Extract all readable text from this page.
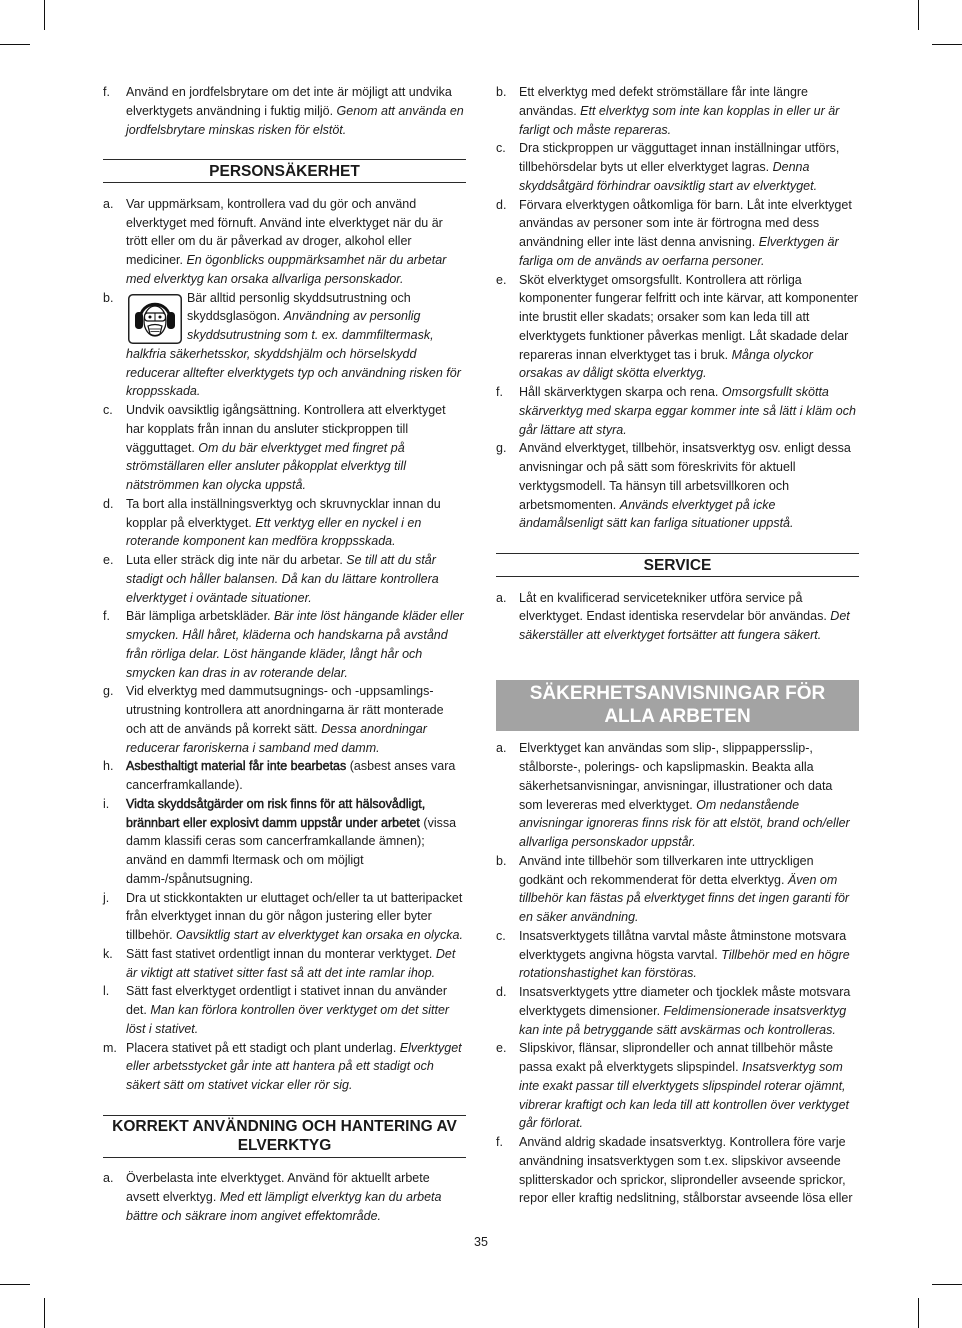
f.	Använd en jordfelsbrytare om det inte är möjligt att undvika elverktygets användning i fuktig miljö. Genom att använda en jordfelsbrytare minskas risken för elstöt.
PERSONSÄKERHET
a.	Var uppmärksam, kontrollera vad du gör och använd elverktyget med förnuft. Använd inte elverktyget när du är trött eller om du är påverkad av droger, alkohol eller mediciner. En ögonblicks ouppmärksamhet när du arbetar med elverktyg kan orsaka allvarliga personskador.
b.	Bär alltid personlig skyddsutrustning och skyddsglasögon. Användning av personlig skyddsutrustning som t. ex. dammfiltermask, halkfria säkerhetsskor, skyddshjälm och hörselskydd reducerar alltefter elverktygets typ och användning risken för kroppsskada.
c.	Undvik oavsiktlig igångsättning. Kontrollera att elverktyget har kopplats från innan du ansluter stickproppen till vägguttaget. Om du bär elverktyget med fingret på strömställaren eller ansluter påkopplat elverktyg till nätströmmen kan olycka uppstå.
d.	Ta bort alla inställningsverktyg och skruvnycklar innan du kopplar på elverktyget. Ett verktyg eller en nyckel i en roterande komponent kan medföra kroppsskada.
e.	Luta eller sträck dig inte när du arbetar. Se till att du står stadigt och håller balansen. Då kan du lättare kontrollera elverktyget i oväntade situationer.
f.	Bär lämpliga arbetskläder. Bär inte löst hängande kläder eller smycken. Håll håret, kläderna och handskarna på avstånd från rörliga delar. Löst hängande kläder, långt hår och smycken kan dras in av roterande delar.
g.	Vid elverktyg med dammutsugnings- och -uppsamlings-utrustning kontrollera att anordningarna är rätt monterade och att de används på korrekt sätt. Dessa anordningar reducerar faroriskerna i samband med damm.
h.	Asbesthaltigt material får inte bearbetas (asbest anses vara cancerframkallande).
i.	Vidta skyddsåtgärder om risk finns för att hälsovådligt, brännbart eller explosivt damm uppstår under arbetet (vissa damm klassifi ceras som cancerframkallande ämnen); använd en dammfi ltermask och om möjligt damm-/spånutsugning.
j.	Dra ut stickkontakten ur eluttaget och/eller ta ut batteripacket från elverktyget innan du gör någon justering eller byter tillbehör. Oavsiktlig start av elverktyget kan orsaka en olycka.
k.	Sätt fast stativet ordentligt innan du monterar verktyget. Det är viktigt att stativet sitter fast så att det inte ramlar ihop.
l.	Sätt fast elverktyget ordentligt i stativet innan du använder det. Man kan förlora kontrollen över verktyget om det sitter löst i stativet.
m. Placera stativet på ett stadigt och plant underlag. Elverktyget eller arbetsstycket går inte att hantera på ett stadigt och säkert sätt om stativet vickar eller rör sig.
KORREKT ANVÄNDNING OCH HANTERING AV ELVERKTYG
a.	Överbelasta inte elverktyget. Använd för aktuellt arbete avsett elverktyg. Med ett lämpligt elverktyg kan du arbeta bättre och säkrare inom angivet effektområde.
b.	Ett elverktyg med defekt strömställare får inte längre användas. Ett elverktyg som inte kan kopplas in eller ur är farligt och måste repareras.
c.	Dra stickproppen ur vägguttaget innan inställningar utförs, tillbehörsdelar byts ut eller elverktyget lagras. Denna skyddsåtgärd förhindrar oavsiktlig start av elverktyget.
d.	Förvara elverktygen oåtkomliga för barn. Låt inte elverktyget användas av personer som inte är förtrogna med dess användning eller inte läst denna anvisning. Elverktygen är farliga om de används av oerfarna personer.
e.	Sköt elverktyget omsorgsfullt. Kontrollera att rörliga komponenter fungerar felfritt och inte kärvar, att komponenter inte brustit eller skadats; orsaker som kan leda till att elverktygets funktioner påverkas menligt. Låt skadade delar repareras innan elverktyget tas i bruk. Många olyckor orsakas av dåligt skötta elverktyg.
f.	Håll skärverktygen skarpa och rena. Omsorgsfullt skötta skärverktyg med skarpa eggar kommer inte så lätt i kläm och går lättare att styra.
g.	Använd elverktyget, tillbehör, insatsverktyg osv. enligt dessa anvisningar och på sätt som föreskrivits för aktuell verktygsmodell. Ta hänsyn till arbetsvillkoren och arbetsmomenten. Används elverktyget på icke ändamålsenligt sätt kan farliga situationer uppstå.
SERVICE
a.	Låt en kvalificerad servicetekniker utföra service på elverktyget. Endast identiska reservdelar bör användas. Det säkerställer att elverktyget fortsätter att fungera säkert.
SÄKERHETSANVISNINGAR FÖR
ALLA ARBETEN
a.	Elverktyget kan användas som slip-, slippappersslip-, stålborste-, polerings- och kapslipmaskin. Beakta alla säkerhetsanvisningar, anvisningar, illustrationer och data som levereras med elverktyget. Om nedanstående anvisningar ignoreras finns risk för att elstöt, brand och/eller allvarliga personskador uppstår.
b.	Använd inte tillbehör som tillverkaren inte uttryckligen godkänt och rekommenderat för detta elverktyg. Även om tillbehör kan fästas på elverktyget finns det ingen garanti för en säker användning.
c.	Insatsverktygets tillåtna varvtal måste åtminstone motsvara elverktygets angivna högsta varvtal. Tillbehör med en högre rotationshastighet kan förstöras.
d.	Insatsverktygets yttre diameter och tjocklek måste motsvara elverktygets dimensioner. Feldimensionerade insatsverktyg kan inte på betryggande sätt avskärmas och kontrolleras.
e.	Slipskivor, flänsar, sliprondeller och annat tillbehör måste passa exakt på elverktygets slipspindel. Insatsverktyg som inte exakt passar till elverktygets slipspindel roterar ojämnt, vibrerar kraftigt och kan leda till att kontrollen över verktyget går förlorat.
f.	Använd aldrig skadade insatsverktyg. Kontrollera före varje användning insatsverktygen som t.ex. slipskivor avseende splitterskador och sprickor, sliprondeller avseende sprickor, repor eller kraftig nedslitning, stålborstar avseende lösa eller
35
